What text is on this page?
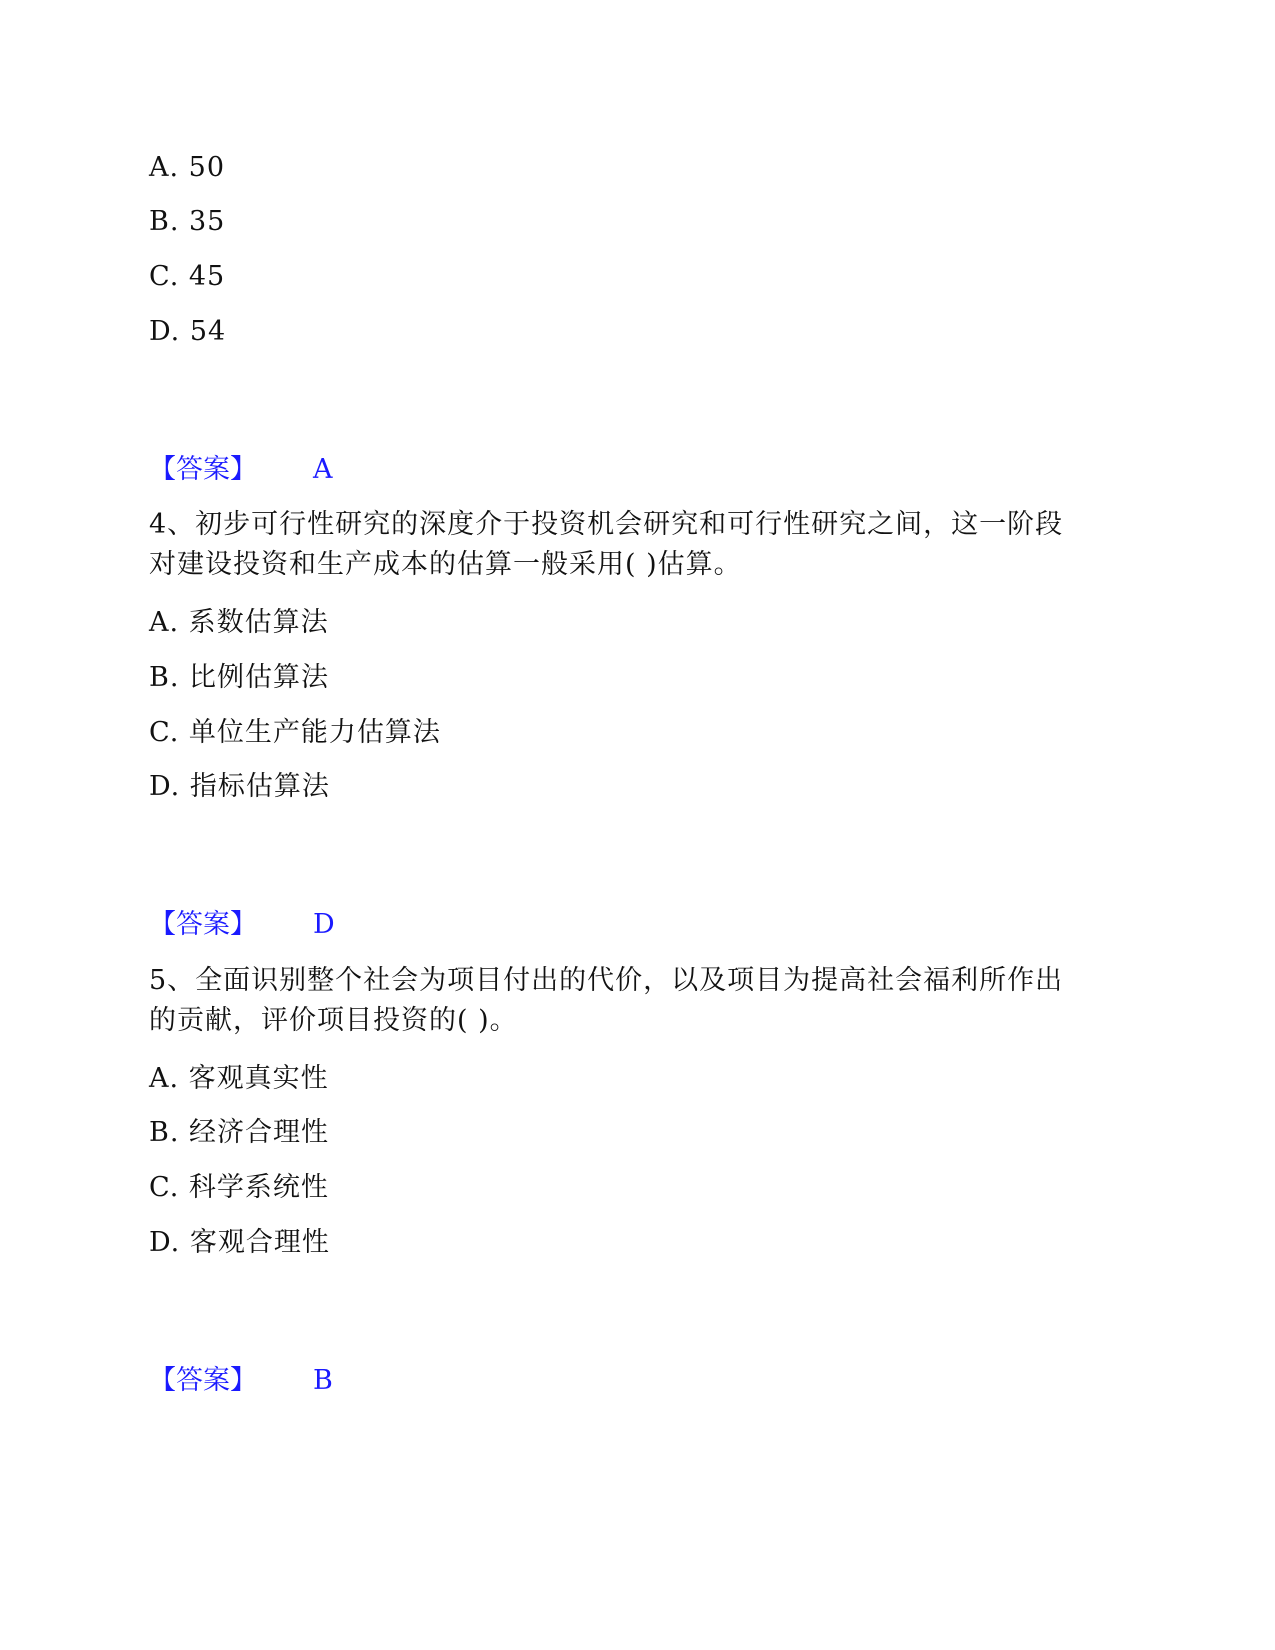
A. 50
B. 35
C. 45
D. 54
【答案】 A
4、初步可行性研究的深度介于投资机会研究和可行性研究之间，这一阶段
对建设投资和生产成本的估算一般采用( )估算。
A. 系数估算法
B. 比例估算法
C. 单位生产能力估算法
D. 指标估算法
【答案】 D
5、全面识别整个社会为项目付出的代价，以及项目为提高社会福利所作出
的贡献，评价项目投资的( )。
A. 客观真实性
B. 经济合理性
C. 科学系统性
D. 客观合理性
【答案】 B
